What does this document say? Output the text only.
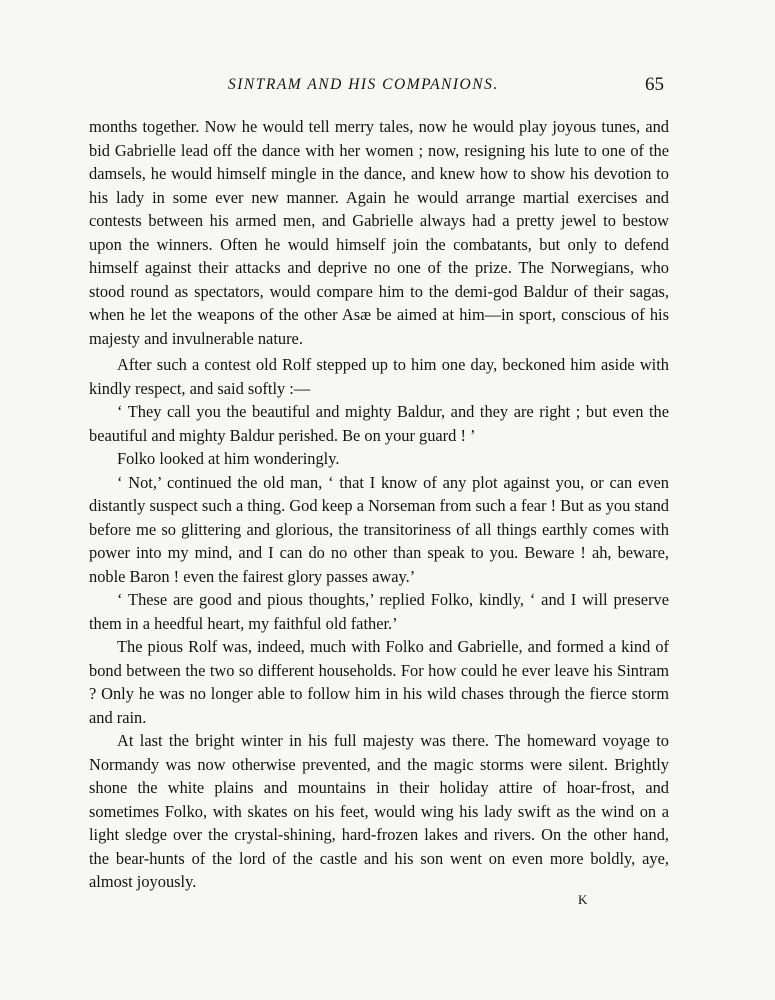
SINTRAM AND HIS COMPANIONS.	65

months together. Now he would tell merry tales, now he would play joyous tunes, and bid Gabrielle lead off the dance with her women ; now, resigning his lute to one of the damsels, he would himself mingle in the dance, and knew how to show his devotion to his lady in some ever new manner. Again he would arrange martial exercises and contests between his armed men, and Gabrielle always had a pretty jewel to bestow upon the winners. Often he would himself join the combatants, but only to defend himself against their attacks and deprive no one of the prize. The Norwegians, who stood round as spectators, would compare him to the demi-god Baldur of their sagas, when he let the weapons of the other Asæ be aimed at him—in sport, conscious of his majesty and invulnerable nature.

After such a contest old Rolf stepped up to him one day, beckoned him aside with kindly respect, and said softly :—

‘ They call you the beautiful and mighty Baldur, and they are right ; but even the beautiful and mighty Baldur perished. Be on your guard ! ’

Folko looked at him wonderingly.

‘ Not,’ continued the old man, ‘ that I know of any plot against you, or can even distantly suspect such a thing. God keep a Norseman from such a fear ! But as you stand before me so glittering and glorious, the transitoriness of all things earthly comes with power into my mind, and I can do no other than speak to you. Beware ! ah, beware, noble Baron ! even the fairest glory passes away.’

‘ These are good and pious thoughts,’ replied Folko, kindly, ‘ and I will preserve them in a heedful heart, my faithful old father.’

The pious Rolf was, indeed, much with Folko and Gabrielle, and formed a kind of bond between the two so different households. For how could he ever leave his Sintram ? Only he was no longer able to follow him in his wild chases through the fierce storm and rain.

At last the bright winter in his full majesty was there. The homeward voyage to Normandy was now otherwise prevented, and the magic storms were silent. Brightly shone the white plains and mountains in their holiday attire of hoar-frost, and sometimes Folko, with skates on his feet, would wing his lady swift as the wind on a light sledge over the crystal-shining, hard-frozen lakes and rivers. On the other hand, the bear-hunts of the lord of the castle and his son went on even more boldly, aye, almost joyously.

K
